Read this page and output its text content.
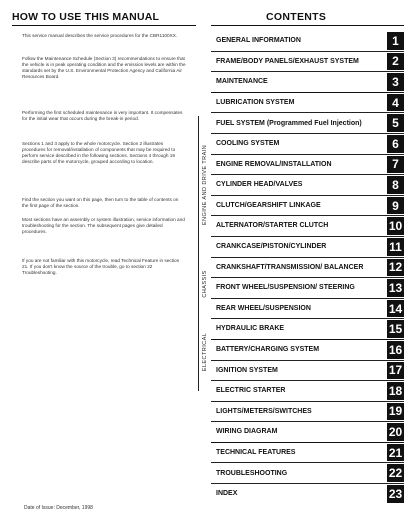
HOW TO USE THIS MANUAL

This service manual describes the service procedures for the CBR1100XX.

Follow the Maintenance Schedule (Section 3) recommendations to ensure that the vehicle is in peak operating condition and the emission levels are within the standards set by the U.S. Environmental Protection Agency and California Air Resources Board.

Performing the first scheduled maintenance is very important. It compensates for the initial wear that occurs during the break-in period.

Sections 1 and 3 apply to the whole motorcycle. Section 2 illustrates procedures for removal/installation of components that may be required to perform service described in the following sections. Sections 4 through 19 describe parts of the motorcycle, grouped according to location.

Find the section you want on this page, then turn to the table of contents on the first page of the section.

Most sections have an assembly or system illustration, service information and troubleshooting for the section. The subsequent pages give detailed procedures.

If you are not familiar with this motorcycle, read Technical Feature in section 21. If you don't know the source of the trouble, go to section 22 Troubleshooting.

Date of Issue: December, 1998
CONTENTS
ENGINE AND DRIVE TRAIN
CHASSIS
ELECTRICAL
GENERAL INFORMATION	1
FRAME/BODY PANELS/EXHAUST SYSTEM	2
MAINTENANCE	3
LUBRICATION SYSTEM	4
FUEL SYSTEM (Programmed Fuel Injection)	5
COOLING SYSTEM	6
ENGINE REMOVAL/INSTALLATION	7
CYLINDER HEAD/VALVES	8
CLUTCH/GEARSHIFT LINKAGE	9
ALTERNATOR/STARTER CLUTCH	10
CRANKCASE/PISTON/CYLINDER	11
CRANKSHAFT/TRANSMISSION/ BALANCER	12
FRONT WHEEL/SUSPENSION/ STEERING	13
REAR WHEEL/SUSPENSION	14
HYDRAULIC BRAKE	15
BATTERY/CHARGING SYSTEM	16
IGNITION SYSTEM	17
ELECTRIC STARTER	18
LIGHTS/METERS/SWITCHES	19
WIRING DIAGRAM	20
TECHNICAL FEATURES	21
TROUBLESHOOTING	22
INDEX	23
